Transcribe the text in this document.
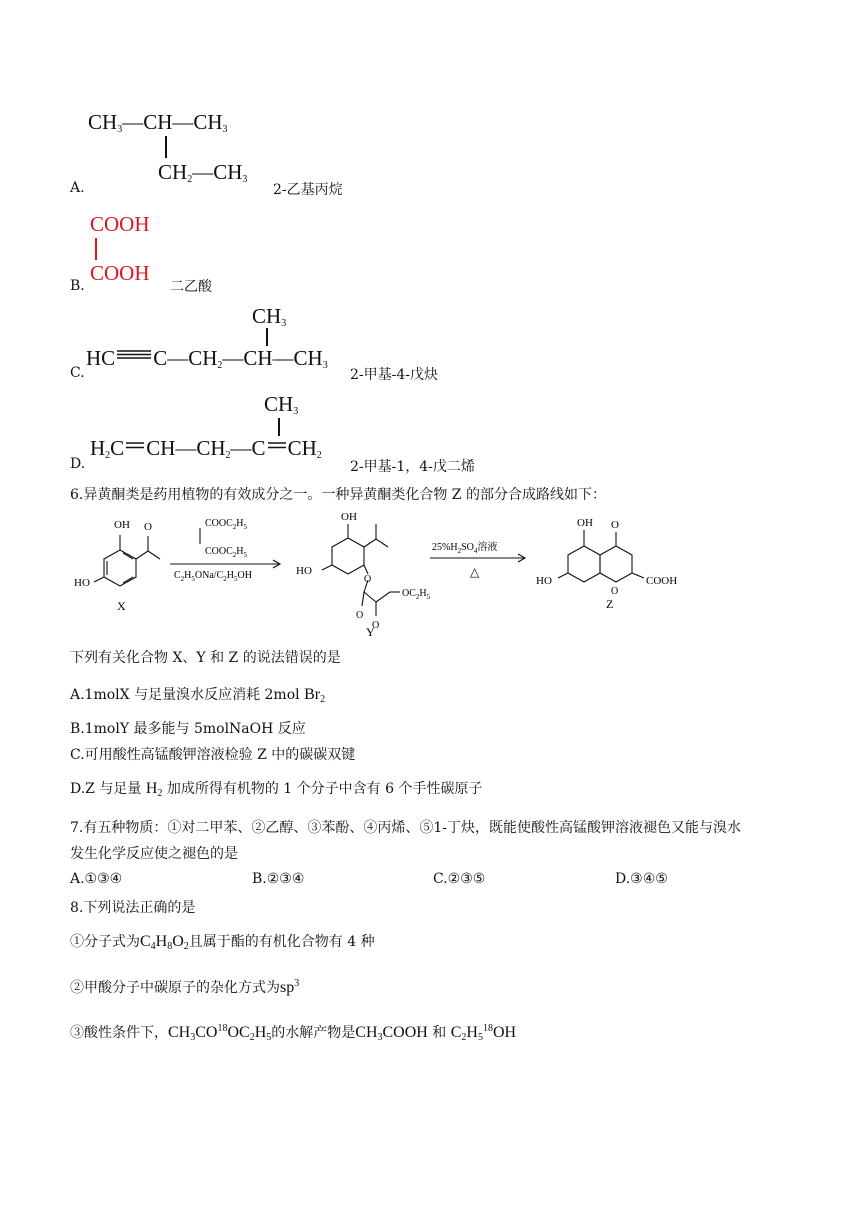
$CH_3—CH—CH_3$
$CH_2—CH_3$
A.	2-乙基丙烷
COOH
COOH
B.	二乙酸
$CH_3$
HC $C—CH_2—CH—CH_3$
C.	2-甲基-4-戊炔
$CH_3$
$H_2C$ $CH—CH_2—C$ $CH_2$
D.	2-甲基-1，4-戊二烯
6.异黄酮类是药用植物的有效成分之一。一种异黄酮类化合物 Z 的部分合成路线如下：
OH O
HO
X
$COOC_2H_5$
$COOC_2H_5$
$C_2H_5ONa/C_2H_5OH$
OH
HO
O
O
O
$OC_2H_5$
Y
$25\%H_2SO_4$溶液
△
OH O
HO
O
COOH
Z
下列有关化合物 X、Y 和 Z 的说法错误的是
A.1molX 与足量溴水反应消耗 2mol $Br_2$
B.1molY 最多能与 5molNaOH 反应
C.可用酸性高锰酸钾溶液检验 Z 中的碳碳双键
D.Z 与足量 $H_2$ 加成所得有机物的 1 个分子中含有 6 个手性碳原子
7.有五种物质：①对二甲苯、②乙醇、③苯酚、④丙烯、⑤1-丁炔，既能使酸性高锰酸钾溶液褪色又能与溴水
发生化学反应使之褪色的是
A.①③④	B.②③④	C.②③⑤	D.③④⑤
8.下列说法正确的是
①分子式为$C_4H_8O_2$且属于酯的有机化合物有 4 种
②甲酸分子中碳原子的杂化方式为$sp^3$
③酸性条件下，$CH_3CO^{18}OC_2H_5$的水解产物是$CH_3COOH$ 和 $C_2H_5^{18}OH$
